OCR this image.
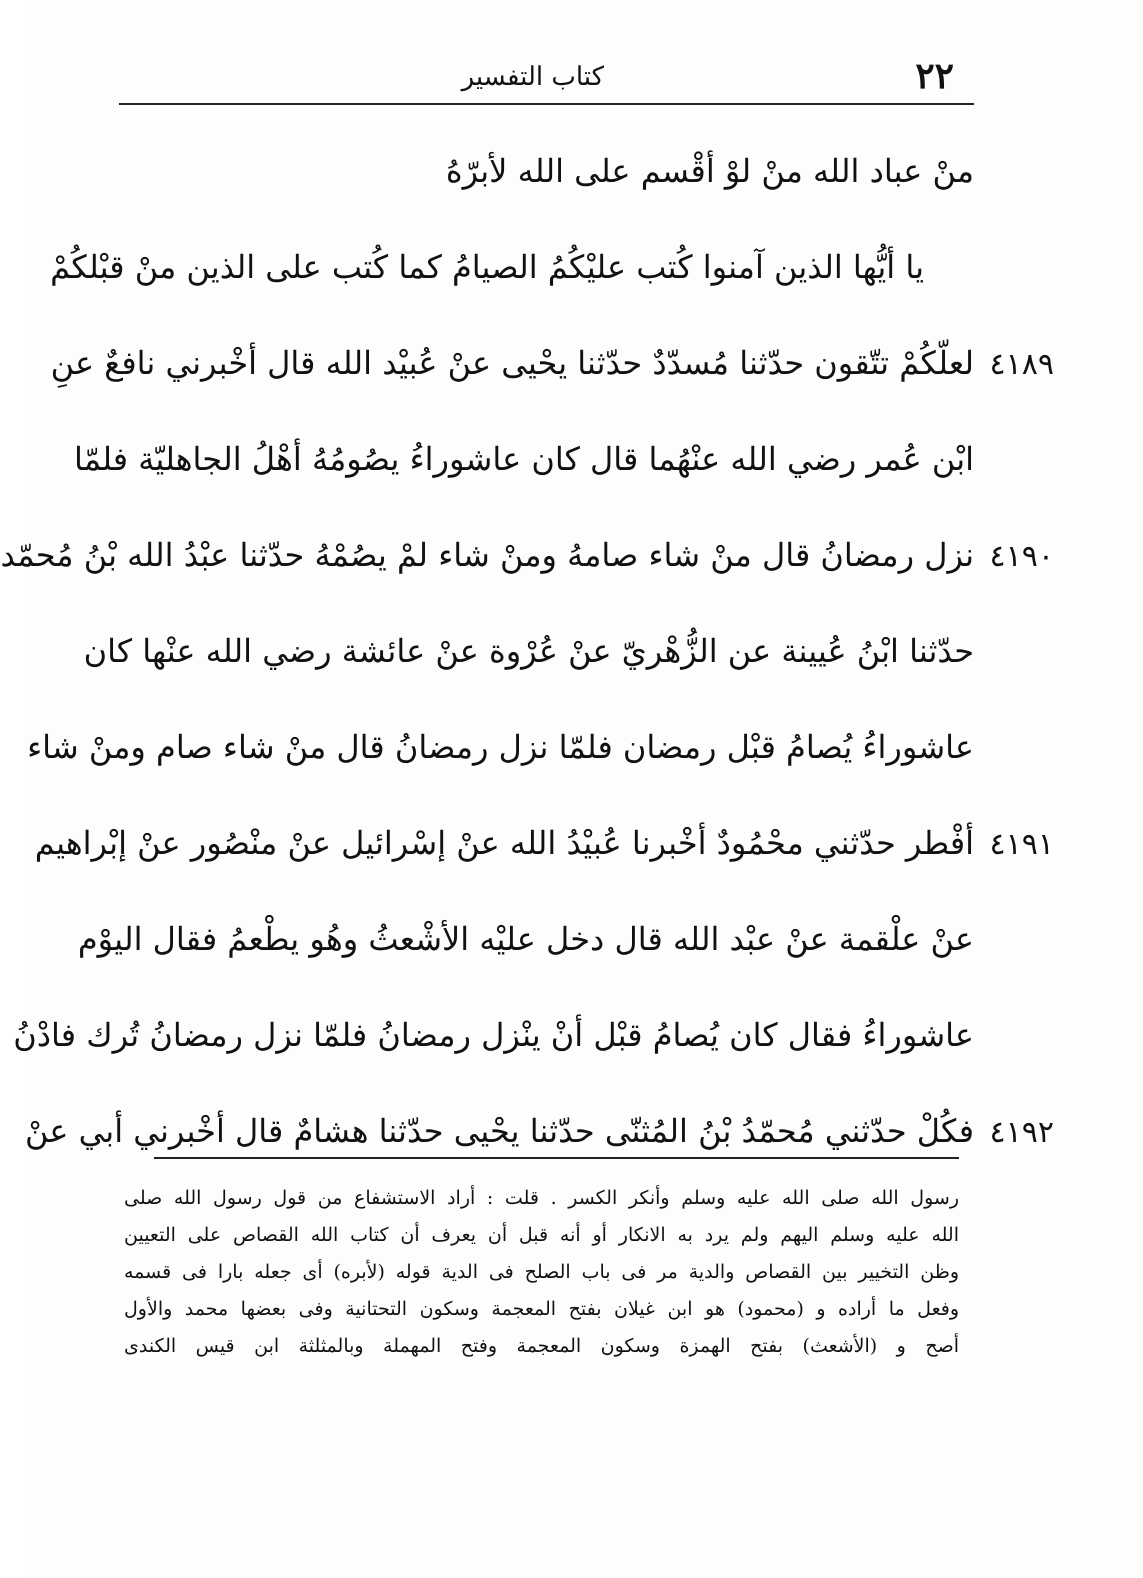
٢٢
كتاب التفسير
منْ عباد الله منْ لوْ أقْسم على الله لأبرّهُ
يا أيُّها الذين آمنوا كُتب عليْكُمُ الصيامُ كما كُتب على الذين منْ قبْلكُمْ
٤١٨٩
لعلّكُمْ تتّقون حدّثنا مُسدّدٌ حدّثنا يحْيى عنْ عُبيْد الله قال أخْبرني نافعٌ عنِ
ابْن عُمر رضي الله عنْهُما قال كان عاشوراءُ يصُومُهُ أهْلُ الجاهليّة فلمّا
٤١٩٠
نزل رمضانُ قال منْ شاء صامهُ ومنْ شاء لمْ يصُمْهُ حدّثنا عبْدُ الله بْنُ مُحمّد
حدّثنا ابْنُ عُيينة عن الزُّهْريّ عنْ عُرْوة عنْ عائشة رضي الله عنْها كان
عاشوراءُ يُصامُ قبْل رمضان فلمّا نزل رمضانُ قال منْ شاء صام ومنْ شاء
٤١٩١
أفْطر حدّثني محْمُودٌ أخْبرنا عُبيْدُ الله عنْ إسْرائيل عنْ منْصُور عنْ إبْراهيم
عنْ علْقمة عنْ عبْد الله قال دخل عليْه الأشْعثُ وهُو يطْعمُ فقال اليوْم
عاشوراءُ فقال كان يُصامُ قبْل أنْ ينْزل رمضانُ فلمّا نزل رمضانُ تُرك فادْنُ
٤١٩٢
فكُلْ حدّثني مُحمّدُ بْنُ المُثنّى حدّثنا يحْيى حدّثنا هشامٌ قال أخْبرني أبي عنْ
رسول الله صلى الله عليه وسلم وأنكر الكسر . قلت : أراد الاستشفاع من قول رسول الله صلى
الله عليه وسلم اليهم ولم يرد به الانكار أو أنه قبل أن يعرف أن كتاب الله القصاص على التعيين
وظن التخيير بين القصاص والدية مر فى باب الصلح فى الدية قوله (لأبره) أى جعله بارا فى قسمه
وفعل ما أراده و (محمود) هو ابن غيلان بفتح المعجمة وسكون التحتانية وفى بعضها محمد والأول
أصح و (الأشعث) بفتح الهمزة وسكون المعجمة وفتح المهملة وبالمثلثة ابن قيس الكندى
